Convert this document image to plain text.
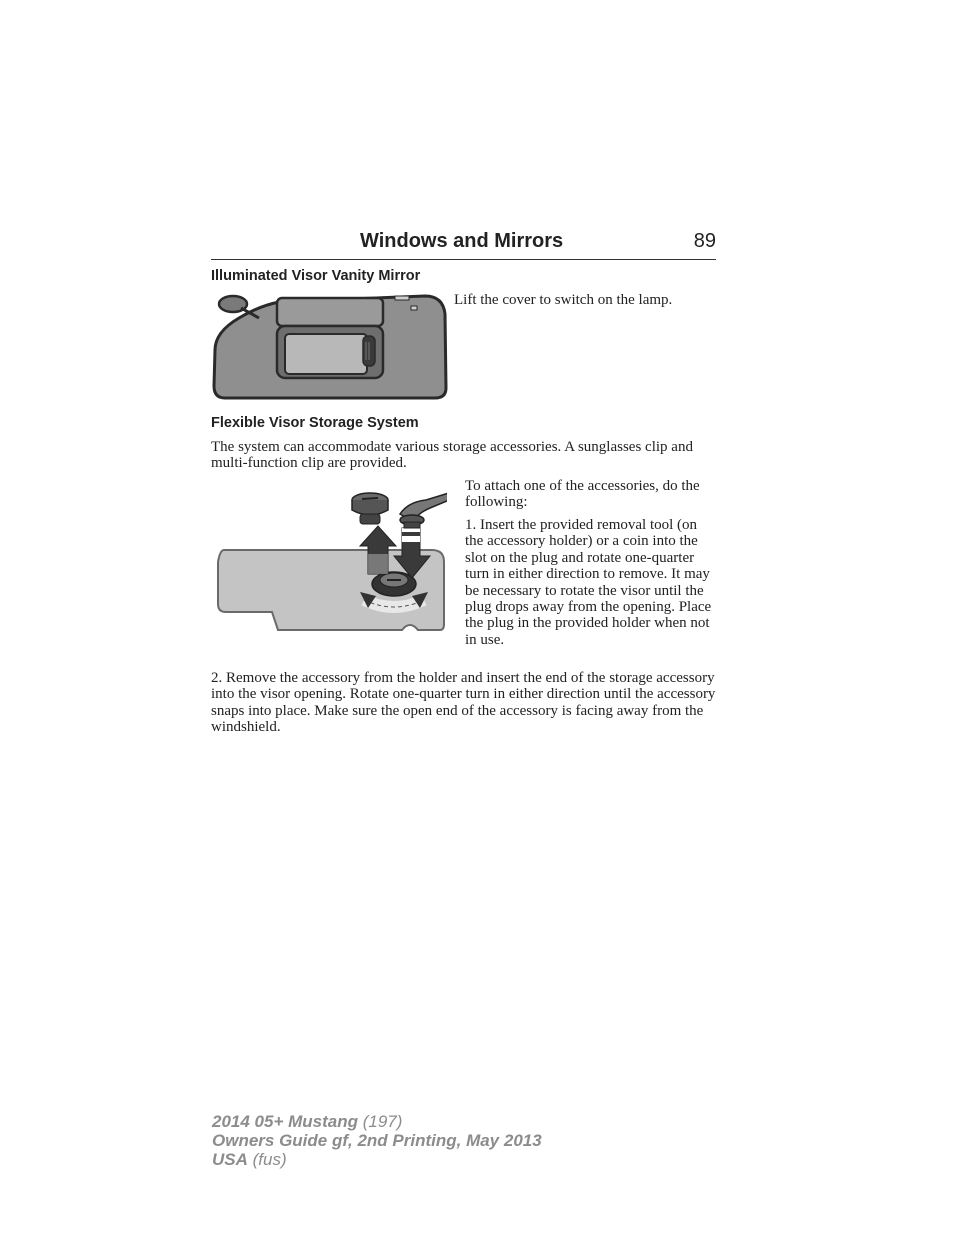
Windows and Mirrors	89
Illuminated Visor Vanity Mirror
Lift the cover to switch on the lamp.
Flexible Visor Storage System
The system can accommodate various storage accessories. A sunglasses clip and multi-function clip are provided.
To attach one of the accessories, do the following:
1. Insert the provided removal tool (on the accessory holder) or a coin into the slot on the plug and rotate one-quarter turn in either direction to remove. It may be necessary to rotate the visor until the plug drops away from the opening. Place the plug in the provided holder when not in use.
2. Remove the accessory from the holder and insert the end of the storage accessory into the visor opening. Rotate one-quarter turn in either direction until the accessory snaps into place. Make sure the open end of the accessory is facing away from the windshield.
2014 05+ Mustang (197)
Owners Guide gf, 2nd Printing, May 2013
USA (fus)
